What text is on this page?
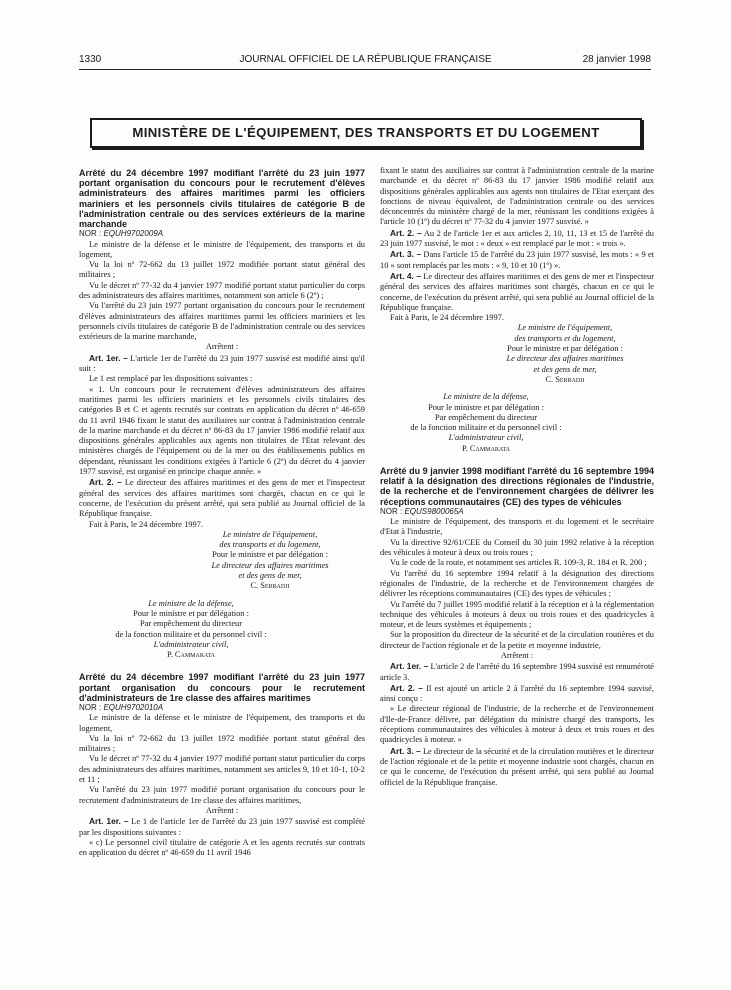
1330	JOURNAL OFFICIEL DE LA RÉPUBLIQUE FRANÇAISE	28 janvier 1998
MINISTÈRE DE L'ÉQUIPEMENT, DES TRANSPORTS ET DU LOGEMENT

Arrêté du 24 décembre 1997 modifiant l'arrêté du 23 juin 1977 portant organisation du concours pour le recrutement d'élèves administrateurs des affaires maritimes parmi les officiers mariniers et les personnels civils titulaires de catégorie B de l'administration centrale ou des services extérieurs de la marine marchande

NOR : EQUH9702009A

Le ministre de la défense et le ministre de l'équipement, des transports et du logement,

Vu la loi nº 72-662 du 13 juillet 1972 modifiée portant statut général des militaires ;

Vu le décret nº 77-32 du 4 janvier 1977 modifié portant statut particulier du corps des administrateurs des affaires maritimes, notamment son article 6 (2º) ;

Vu l'arrêté du 23 juin 1977 portant organisation du concours pour le recrutement d'élèves administrateurs des affaires maritimes parmi les officiers mariniers et les personnels civils titulaires de catégorie B de l'administration centrale ou des services extérieurs de la marine marchande,

Arrêtent :

Art. 1er. – L'article 1er de l'arrêté du 23 juin 1977 susvisé est modifié ainsi qu'il suit :

Le 1 est remplacé par les dispositions suivantes :

« 1. Un concours pour le recrutement d'élèves administrateurs des affaires maritimes parmi les officiers mariniers et les personnels civils titulaires des catégories B et C et agents recrutés sur contrats en application du décret nº 46-659 du 11 avril 1946 fixant le statut des auxiliaires sur contrat à l'administration centrale de la marine marchande et du décret nº 86-83 du 17 janvier 1986 modifié relatif aux dispositions générales applicables aux agents non titulaires de l'Etat relevant des ministères chargés de l'équipement ou de la mer ou des établissements publics en dépendant, réunissant les conditions exigées à l'article 6 (2º) du décret du 4 janvier 1977 susvisé, est organisé en principe chaque année. »

Art. 2. – Le directeur des affaires maritimes et des gens de mer et l'inspecteur général des services des affaires maritimes sont chargés, chacun en ce qui le concerne, de l'exécution du présent arrêté, qui sera publié au Journal officiel de la République française.

Fait à Paris, le 24 décembre 1997.

Le ministre de l'équipement,

des transports et du logement,

Pour le ministre et par délégation :

Le directeur des affaires maritimes

et des gens de mer,

C. Serradji

Le ministre de la défense,

Pour le ministre et par délégation :

Par empêchement du directeur

de la fonction militaire et du personnel civil :

L'administrateur civil,

P. Cammarata

Arrêté du 24 décembre 1997 modifiant l'arrêté du 23 juin 1977 portant organisation du concours pour le recrutement d'administrateurs de 1re classe des affaires maritimes

NOR : EQUH9702010A

Le ministre de la défense et le ministre de l'équipement, des transports et du logement,

Vu la loi nº 72-662 du 13 juillet 1972 modifiée portant statut général des militaires ;

Vu le décret nº 77-32 du 4 janvier 1977 modifié portant statut particulier du corps des administrateurs des affaires maritimes, notamment ses articles 9, 10 et 10-1, 10-2 et 11 ;

Vu l'arrêté du 23 juin 1977 modifié portant organisation du concours pour le recrutement d'administrateurs de 1re classe des affaires maritimes,

Arrêtent :

Art. 1er. – Le 1 de l'article 1er de l'arrêté du 23 juin 1977 susvisé est complété par les dispositions suivantes :

« c) Le personnel civil titulaire de catégorie A et les agents recrutés sur contrats en application du décret nº 46-659 du 11 avril 1946

fixant le statut des auxiliaires sur contrat à l'administration centrale de la marine marchande et du décret nº 86-83 du 17 janvier 1986 modifié relatif aux dispositions générales applicables aux agents non titulaires de l'Etat exerçant des fonctions de niveau équivalent, de l'administration centrale ou des services déconcentrés du ministère chargé de la mer, réunissant les conditions exigées à l'article 10 (1º) du décret nº 77-32 du 4 janvier 1977 susvisé. »

Art. 2. – Au 2 de l'article 1er et aux articles 2, 10, 11, 13 et 15 de l'arrêté du 23 juin 1977 susvisé, le mot : « deux » est remplacé par le mot : « trois ».

Art. 3. – Dans l'article 15 de l'arrêté du 23 juin 1977 susvisé, les mots : « 9 et 10 » sont remplacés par les mots : « 9, 10 et 10 (1º) ».

Art. 4. – Le directeur des affaires maritimes et des gens de mer et l'inspecteur général des services des affaires maritimes sont chargés, chacun en ce qui le concerne, de l'exécution du présent arrêté, qui sera publié au Journal officiel de la République française.

Fait à Paris, le 24 décembre 1997.

Le ministre de l'équipement,

des transports et du logement,

Pour le ministre et par délégation :

Le directeur des affaires maritimes

et des gens de mer,

C. Serradji

Le ministre de la défense,

Pour le ministre et par délégation :

Par empêchement du directeur

de la fonction militaire et du personnel civil :

L'administrateur civil,

P. Cammarata

Arrêté du 9 janvier 1998 modifiant l'arrêté du 16 septembre 1994 relatif à la désignation des directions régionales de l'industrie, de la recherche et de l'environnement chargées de délivrer les réceptions communautaires (CE) des types de véhicules

NOR : EQUS9800065A

Le ministre de l'équipement, des transports et du logement et le secrétaire d'Etat à l'industrie,

Vu la directive 92/61/CEE du Conseil du 30 juin 1992 relative à la réception des véhicules à moteur à deux ou trois roues ;

Vu le code de la route, et notamment ses articles R. 109-3, R. 184 et R. 200 ;

Vu l'arrêté du 16 septembre 1994 relatif à la désignation des directions régionales de l'industrie, de la recherche et de l'environnement chargées de délivrer les réceptions communautaires (CE) des types de véhicules ;

Vu l'arrêté du 7 juillet 1995 modifié relatif à la réception et à la réglementation technique des véhicules à moteurs à deux ou trois roues et des quadricycles à moteur, et de leurs systèmes et équipements ;

Sur la proposition du directeur de la sécurité et de la circulation routières et du directeur de l'action régionale et de la petite et moyenne industrie,

Arrêtent :

Art. 1er. – L'article 2 de l'arrêté du 16 septembre 1994 susvisé est renuméroté article 3.

Art. 2. – Il est ajouté un article 2 à l'arrêté du 16 septembre 1994 susvisé, ainsi conçu :

« Le directeur régional de l'industrie, de la recherche et de l'environnement d'Ile-de-France délivre, par délégation du ministre chargé des transports, les réceptions communautaires des véhicules à moteur à deux et trois roues et des quadricycles à moteur. »

Art. 3. – Le directeur de la sécurité et de la circulation routières et le directeur de l'action régionale et de la petite et moyenne industrie sont chargés, chacun en ce qui le concerne, de l'exécution du présent arrêté, qui sera publié au Journal officiel de la République française.
